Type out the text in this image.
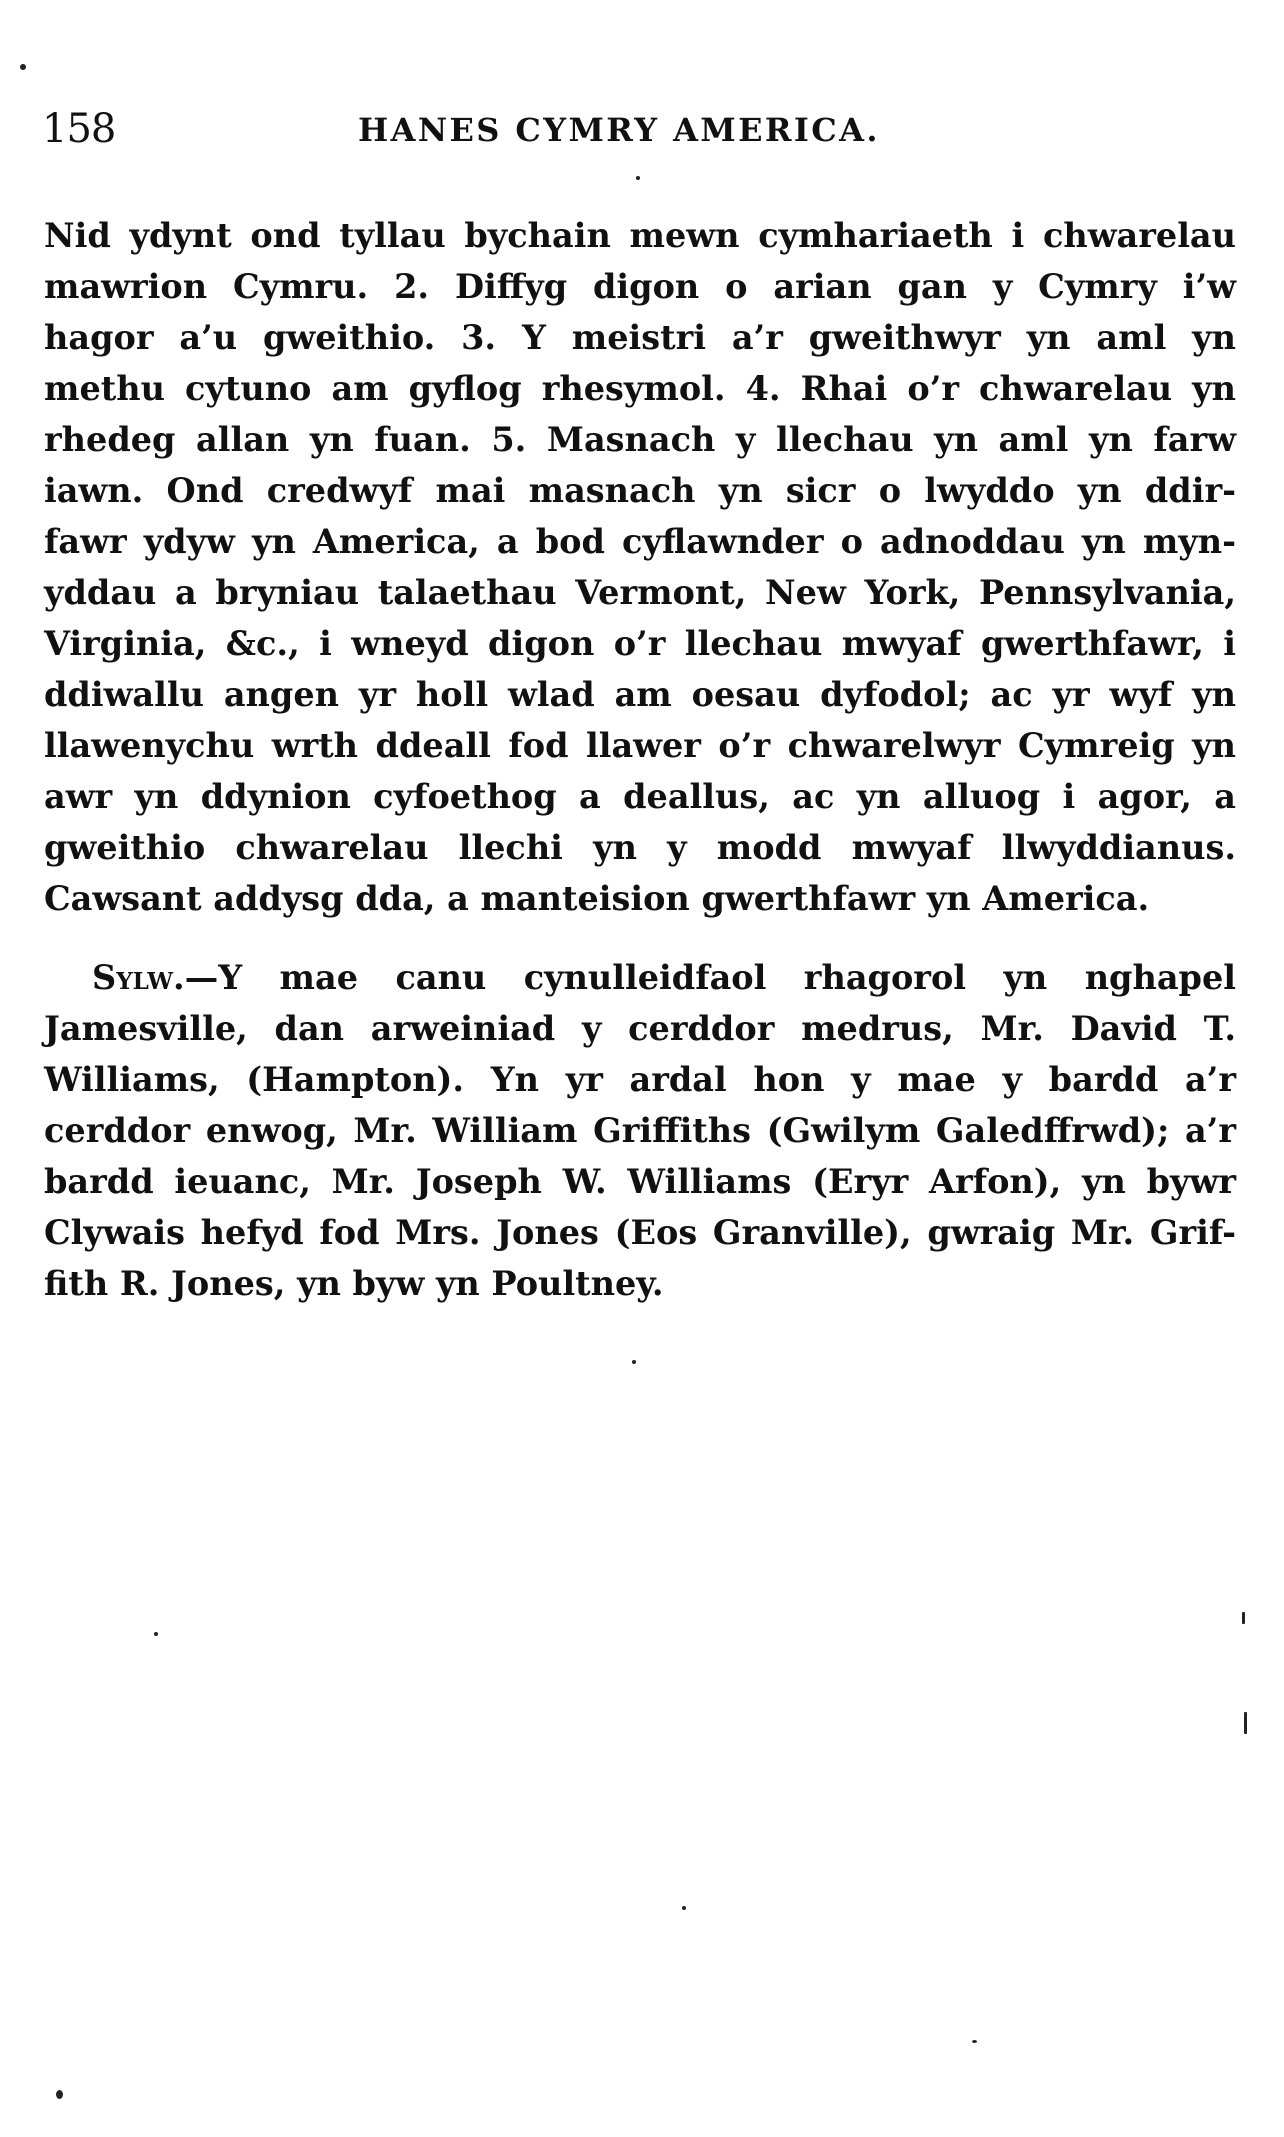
158	HANES CYMRY AMERICA.
Nid ydynt ond tyllau bychain mewn cymhariaeth i chwarelau
mawrion Cymru. 2. Diffyg digon o arian gan y Cymry i’w
hagor a’u gweithio. 3. Y meistri a’r gweithwyr yn aml yn
methu cytuno am gyflog rhesymol. 4. Rhai o’r chwarelau yn
rhedeg allan yn fuan. 5. Masnach y llechau yn aml yn farw
iawn. Ond credwyf mai masnach yn sicr o lwyddo yn ddir-
fawr ydyw yn America, a bod cyflawnder o adnoddau yn myn-
yddau a bryniau talaethau Vermont, New York, Pennsylvania,
Virginia, &c., i wneyd digon o’r llechau mwyaf gwerthfawr, i
ddiwallu angen yr holl wlad am oesau dyfodol; ac yr wyf yn
llawenychu wrth ddeall fod llawer o’r chwarelwyr Cymreig yn
awr yn ddynion cyfoethog a deallus, ac yn alluog i agor, a
gweithio chwarelau llechi yn y modd mwyaf llwyddianus.
Cawsant addysg dda, a manteision gwerthfawr yn America.
Sylw.—Y mae canu cynulleidfaol rhagorol yn nghapel
Jamesville, dan arweiniad y cerddor medrus, Mr. David T.
Williams, (Hampton). Yn yr ardal hon y mae y bardd a’r
cerddor enwog, Mr. William Griffiths (Gwilym Galedffrwd); a’r
bardd ieuanc, Mr. Joseph W. Williams (Eryr Arfon), yn bywr
Clywais hefyd fod Mrs. Jones (Eos Granville), gwraig Mr. Grif-
fith R. Jones, yn byw yn Poultney.
